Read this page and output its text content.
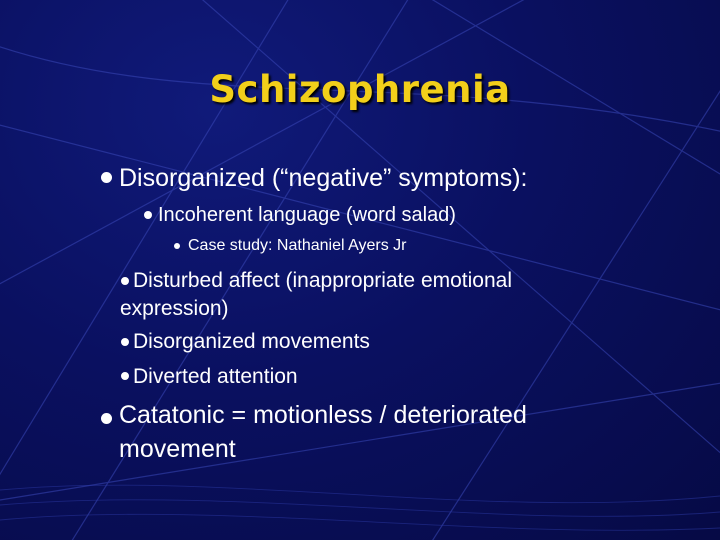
Schizophrenia
Disorganized (“negative” symptoms):
Incoherent language (word salad)
Case study: Nathaniel Ayers Jr
Disturbed affect (inappropriate emotional
expression)
Disorganized movements
Diverted attention
Catatonic = motionless / deteriorated
movement
